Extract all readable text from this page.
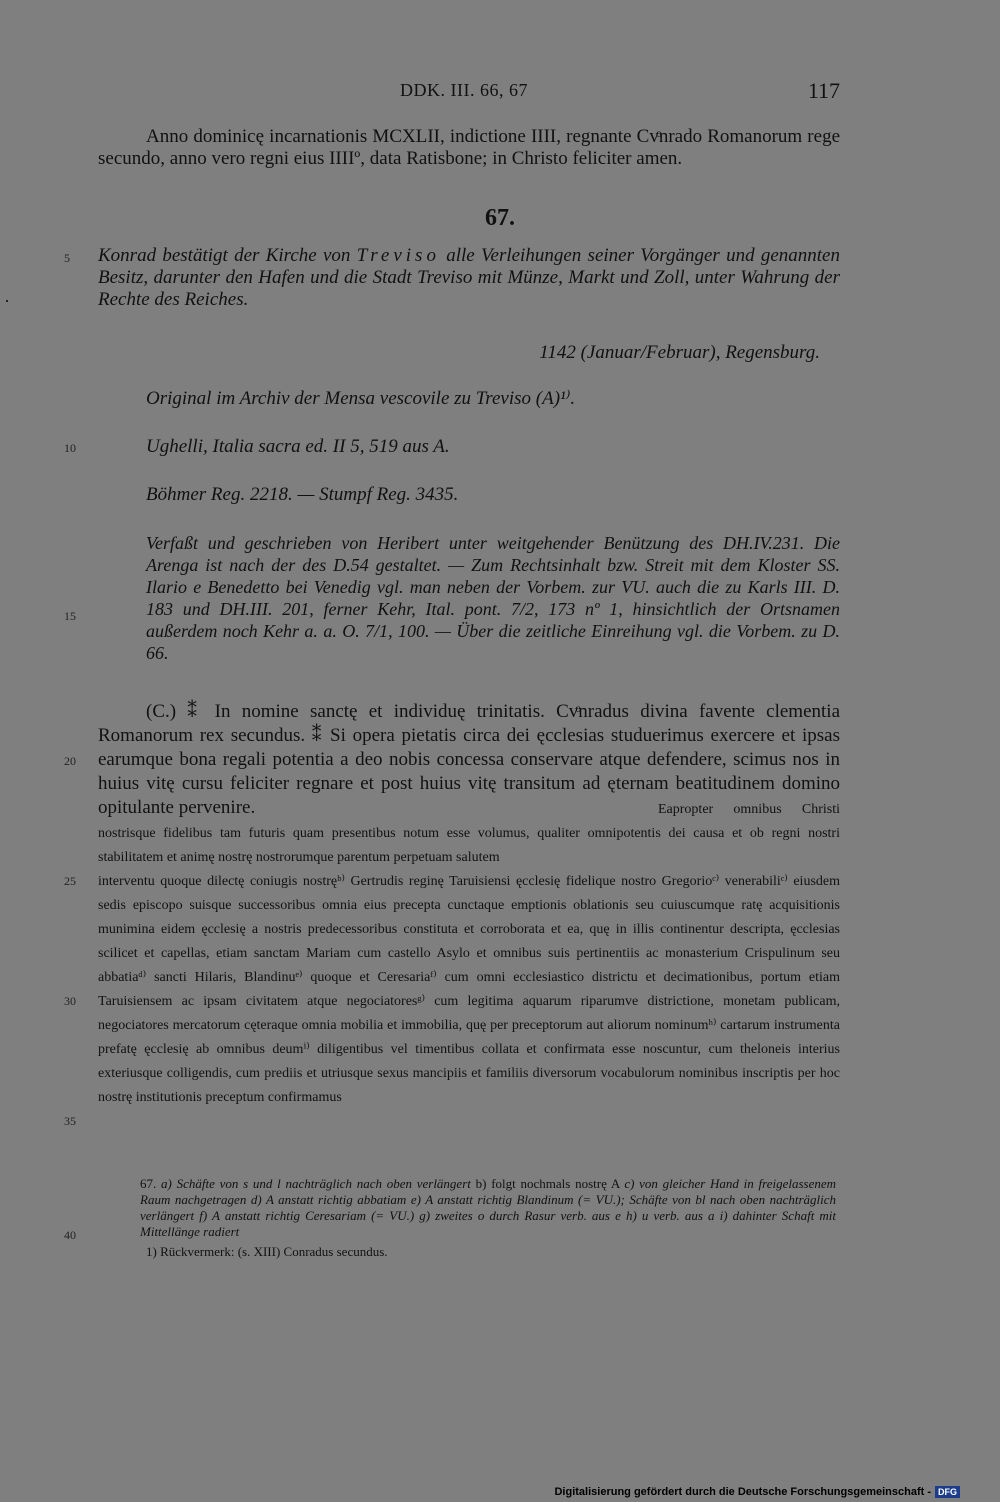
DDK. III. 66, 67	117
Anno dominicę incarnationis MCXLII, indictione IIII, regnante Cvͦnrado Romanorum rege secundo, anno vero regni eius IIIIº, data Ratisbone; in Christo feliciter amen.
67.
5 Konrad bestätigt der Kirche von Treviso alle Verleihungen seiner Vorgänger und genannten Besitz, darunter den Hafen und die Stadt Treviso mit Münze, Markt und Zoll, unter Wahrung der Rechte des Reiches.
1142 (Januar/Februar), Regensburg.
Original im Archiv der Mensa vescovile zu Treviso (A)¹⁾.
10	Ughelli, Italia sacra ed. II 5, 519 aus A.
Böhmer Reg. 2218. — Stumpf Reg. 3435.
15
Verfaßt und geschrieben von Heribert unter weitgehender Benützung des DH.IV.231. Die Arenga ist nach der des D.54 gestaltet. — Zum Rechtsinhalt bzw. Streit mit dem Kloster SS. Ilario e Benedetto bei Venedig vgl. man neben der Vorbem. zur VU. auch die zu Karls III. D. 183 und DH.III. 201, ferner Kehr, Ital. pont. 7/2, 173 nº 1, hinsichtlich der Ortsnamen außerdem noch Kehr a. a. O. 7/1, 100. — Über die zeitliche Einreihung vgl. die Vorbem. zu D. 66.
20
(C.) ⁑ In nomine sanctę et individuę trinitatis. Cvͦnradus divina favente clementia Romanorum rex secundus. ⁑ Si opera pietatis circa dei ęcclesias studuerimus exercere et ipsas earumque bona regali potentia a deo nobis concessa conservare atque defendere, scimus nos in huius vitę cursu feliciter regnare et post huius vitę transitum ad ęternam beatitudinem domino opitulante pervenire.	Eapropter omnibus Christi nostrisque fidelibus tam futuris quam presentibus notum esse volumus, qualiter omnipotentis dei causa et ob regni nostri stabilitatem et animę nostrę nostrorumque parentum perpetuam salutem
25
30
35
interventu quoque dilectę coniugis nostręᵇ⁾ Gertrudis reginę Taruisiensi ęcclesię fidelique nostro Gregorioᶜ⁾ venerabiliᶜ⁾ eiusdem sedis episcopo suisque successoribus omnia eius precepta cunctaque emptionis oblationis seu cuiuscumque ratę acquisitionis munimina eidem ęcclesię a nostris predecessoribus constituta et corroborata et ea, quę in illis continentur descripta, ęcclesias scilicet et capellas, etiam sanctam Mariam cum castello Asylo et omnibus suis pertinentiis ac monasterium Crispulinum seu abbatiaᵈ⁾ sancti Hilaris, Blandinuᵉ⁾ quoque et Ceresariaᶠ⁾ cum omni ecclesiastico districtu et decimationibus, portum etiam Taruisiensem ac ipsam civitatem atque negociatoresᵍ⁾ cum legitima aquarum riparumve districtione, monetam publicam, negociatores mercatorum cęteraque omnia mobilia et immobilia, quę per preceptorum aut aliorum nominumʰ⁾ cartarum instrumenta prefatę ęcclesię ab omnibus deumⁱ⁾ diligentibus vel timentibus collata et confirmata esse noscuntur, cum theloneis interius exteriusque colligendis, cum prediis et utriusque sexus mancipiis et familiis diversorum vocabulorum nominibus inscriptis per hoc nostrę institutionis preceptum confirmamus
40
67. a) Schäfte von s und l nachträglich nach oben verlängert b) folgt nochmals nostrę A c) von gleicher Hand in freigelassenem Raum nachgetragen d) A anstatt richtig abbatiam e) A anstatt richtig Blandinum (= VU.); Schäfte von bl nach oben nachträglich verlängert f) A anstatt richtig Ceresariam (= VU.) g) zweites o durch Rasur verb. aus e h) u verb. aus a i) dahinter Schaft mit Mittellänge radiert
1) Rückvermerk: (s. XIII) Conradus secundus.
Digitalisierung gefördert durch die Deutsche Forschungsgemeinschaft - DFG
